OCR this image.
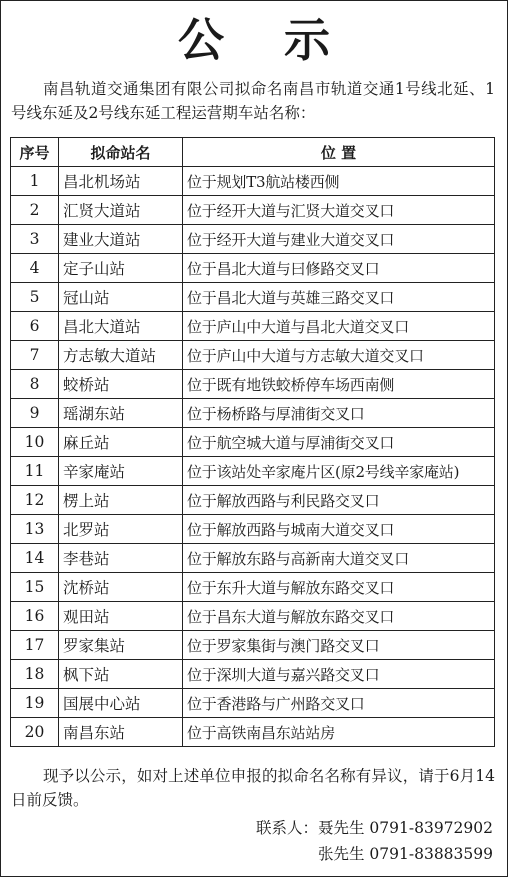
公 示
南昌轨道交通集团有限公司拟命名南昌市轨道交通1号线北延、1号线东延及2号线东延工程运营期车站名称：
序号	拟命站名	位 置
1	昌北机场站	位于规划T3航站楼西侧
2	汇贤大道站	位于经开大道与汇贤大道交叉口
3	建业大道站	位于经开大道与建业大道交叉口
4	定子山站	位于昌北大道与曰修路交叉口
5	冠山站	位于昌北大道与英雄三路交叉口
6	昌北大道站	位于庐山中大道与昌北大道交叉口
7	方志敏大道站	位于庐山中大道与方志敏大道交叉口
8	蛟桥站	位于既有地铁蛟桥停车场西南侧
9	瑶湖东站	位于杨桥路与厚浦街交叉口
10	麻丘站	位于航空城大道与厚浦街交叉口
11	辛家庵站	位于该站处辛家庵片区(原2号线辛家庵站)
12	楞上站	位于解放西路与利民路交叉口
13	北罗站	位于解放西路与城南大道交叉口
14	李巷站	位于解放东路与高新南大道交叉口
15	沈桥站	位于东升大道与解放东路交叉口
16	观田站	位于昌东大道与解放东路交叉口
17	罗家集站	位于罗家集街与澳门路交叉口
18	枫下站	位于深圳大道与嘉兴路交叉口
19	国展中心站	位于香港路与广州路交叉口
20	南昌东站	位于高铁南昌东站站房
现予以公示，如对上述单位申报的拟命名名称有异议，请于6月14日前反馈。
联系人：聂先生 0791-83972902
张先生 0791-83883599
